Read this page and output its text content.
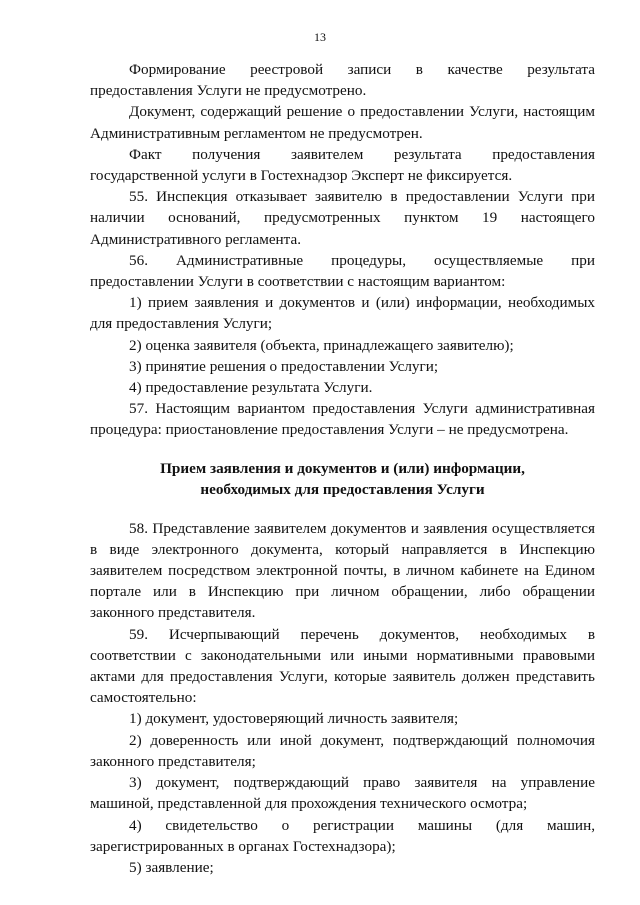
13

Формирование реестровой записи в качестве результата предоставления Услуги не предусмотрено.

Документ, содержащий решение о предоставлении Услуги, настоящим Административным регламентом не предусмотрен.

Факт получения заявителем результата предоставления государственной услуги в Гостехнадзор Эксперт не фиксируется.

55. Инспекция отказывает заявителю в предоставлении Услуги при наличии оснований, предусмотренных пунктом 19 настоящего Административного регламента.

56. Административные процедуры, осуществляемые при предоставлении Услуги в соответствии с настоящим вариантом:

1) прием заявления и документов и (или) информации, необходимых для предоставления Услуги;

2) оценка заявителя (объекта, принадлежащего заявителю);

3) принятие решения о предоставлении Услуги;

4) предоставление результата Услуги.

57. Настоящим вариантом предоставления Услуги административная процедура: приостановление предоставления Услуги – не предусмотрена.

Прием заявления и документов и (или) информации,
необходимых для предоставления Услуги

58. Представление заявителем документов и заявления осуществляется в виде электронного документа, который направляется в Инспекцию заявителем посредством электронной почты, в личном кабинете на Едином портале или в Инспекцию при личном обращении, либо обращении законного представителя.

59. Исчерпывающий перечень документов, необходимых в соответствии с законодательными или иными нормативными правовыми актами для предоставления Услуги, которые заявитель должен представить самостоятельно:

1) документ, удостоверяющий личность заявителя;

2) доверенность или иной документ, подтверждающий полномочия законного представителя;

3) документ, подтверждающий право заявителя на управление машиной, представленной для прохождения технического осмотра;

4) свидетельство о регистрации машины (для машин, зарегистрированных в органах Гостехнадзора);

5) заявление;
